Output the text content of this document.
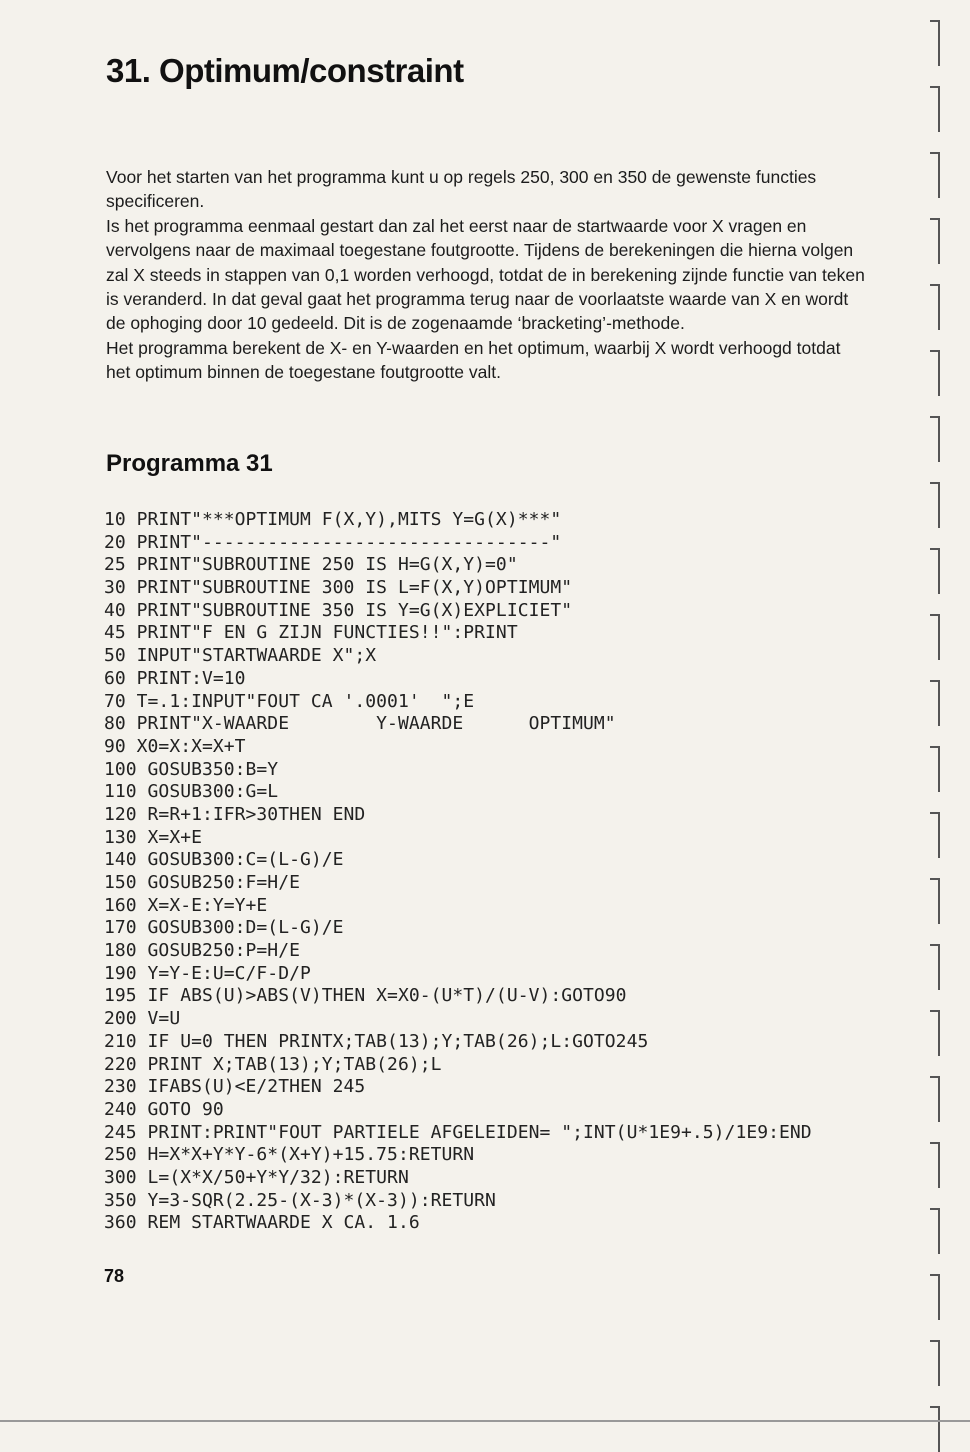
31. Optimum/constraint

Voor het starten van het programma kunt u op regels 250, 300 en 350 de gewenste functies specificeren.

Is het programma eenmaal gestart dan zal het eerst naar de startwaarde voor X vragen en vervolgens naar de maximaal toegestane foutgrootte. Tijdens de berekeningen die hierna volgen zal X steeds in stappen van 0,1 worden verhoogd, totdat de in berekening zijnde functie van teken is veranderd. In dat geval gaat het programma terug naar de voorlaatste waarde van X en wordt de ophoging door 10 gedeeld. Dit is de zogenaamde ‘bracketing’-methode.

Het programma berekent de X- en Y-waarden en het optimum, waarbij X wordt verhoogd totdat het optimum binnen de toegestane foutgrootte valt.

Programma 31
10 PRINT"***OPTIMUM F(X,Y),MITS Y=G(X)***"
20 PRINT"--------------------------------"
25 PRINT"SUBROUTINE 250 IS H=G(X,Y)=0"
30 PRINT"SUBROUTINE 300 IS L=F(X,Y)OPTIMUM"
40 PRINT"SUBROUTINE 350 IS Y=G(X)EXPLICIET"
45 PRINT"F EN G ZIJN FUNCTIES!!":PRINT
50 INPUT"STARTWAARDE X";X
60 PRINT:V=10
70 T=.1:INPUT"FOUT CA '.0001'  ";E
80 PRINT"X-WAARDE        Y-WAARDE      OPTIMUM"
90 X0=X:X=X+T
100 GOSUB350:B=Y
110 GOSUB300:G=L
120 R=R+1:IFR>30THEN END
130 X=X+E
140 GOSUB300:C=(L-G)/E
150 GOSUB250:F=H/E
160 X=X-E:Y=Y+E
170 GOSUB300:D=(L-G)/E
180 GOSUB250:P=H/E
190 Y=Y-E:U=C/F-D/P
195 IF ABS(U)>ABS(V)THEN X=X0-(U*T)/(U-V):GOTO90
200 V=U
210 IF U=0 THEN PRINTX;TAB(13);Y;TAB(26);L:GOTO245
220 PRINT X;TAB(13);Y;TAB(26);L
230 IFABS(U)<E/2THEN 245
240 GOTO 90
245 PRINT:PRINT"FOUT PARTIELE AFGELEIDEN= ";INT(U*1E9+.5)/1E9:END
250 H=X*X+Y*Y-6*(X+Y)+15.75:RETURN
300 L=(X*X/50+Y*Y/32):RETURN
350 Y=3-SQR(2.25-(X-3)*(X-3)):RETURN
360 REM STARTWAARDE X CA. 1.6
78
